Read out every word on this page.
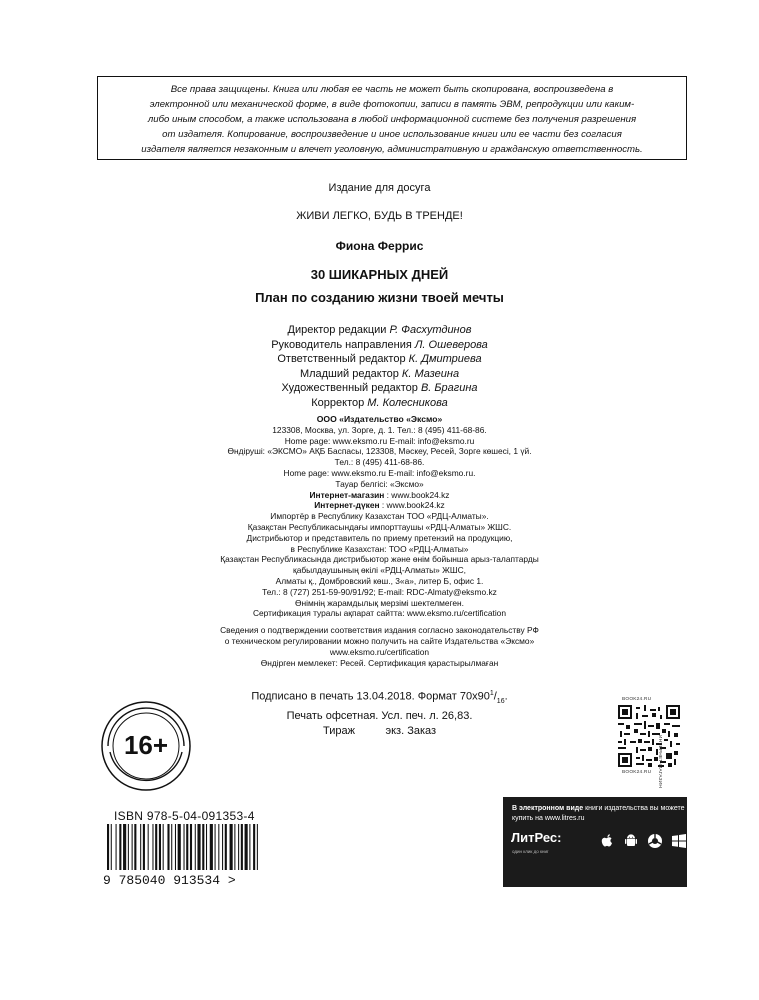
Все права защищены. Книга или любая ее часть не может быть скопирована, воспроизведена в
электронной или механической форме, в виде фотокопии, записи в память ЭВМ, репродукции или каким-
либо иным способом, а также использована в любой информационной системе без получения разрешения
от издателя. Копирование, воспроизведение и иное использование книги или ее части без согласия
издателя является незаконным и влечет уголовную, административную и гражданскую ответственность.
Издание для досуга
ЖИВИ ЛЕГКО, БУДЬ В ТРЕНДЕ!
Фиона Феррис
30 ШИКАРНЫХ ДНЕЙ
План по созданию жизни твоей мечты
Директор редакции Р. Фасхутдинов
Руководитель направления Л. Ошеверова
Ответственный редактор К. Дмитриева
Младший редактор К. Мазеина
Художественный редактор В. Брагина
Корректор М. Колесникова
ООО «Издательство «Эксмо»
123308, Москва, ул. Зорге, д. 1. Тел.: 8 (495) 411-68-86.
Home page: www.eksmo.ru E-mail: info@eksmo.ru
Өндіруші: «ЭКСМО» АҚБ Баспасы, 123308, Мәскеу, Ресей, Зорге көшесі, 1 үй.
Тел.: 8 (495) 411-68-86.
Home page: www.eksmo.ru E-mail: info@eksmo.ru.
Тауар белгісі: «Эксмо»
Интернет-магазин : www.book24.kz
Интернет-дүкен : www.book24.kz
Импортёр в Республику Казахстан ТОО «РДЦ-Алматы».
Қазақстан Республикасындағы импорттаушы «РДЦ-Алматы» ЖШС.
Дистрибьютор и представитель по приему претензий на продукцию,
в Республике Казахстан: ТОО «РДЦ-Алматы»
Қазақстан Республикасында дистрибьютор және өнім бойынша арыз-талаптарды
қабылдаушының өкілі «РДЦ-Алматы» ЖШС,
Алматы қ., Домбровский көш., 3«а», литер Б, офис 1.
Тел.: 8 (727) 251-59-90/91/92; E-mail: RDC-Almaty@eksmo.kz
Өнімнің жарамдылық мерзімі шектелмеген.
Сертификация туралы ақпарат сайтта: www.eksmo.ru/certification
Сведения о подтверждении соответствия издания согласно законодательству РФ
о техническом регулировании можно получить на сайте Издательства «Эксмо»
www.eksmo.ru/certification
Өндірген мемлекет: Ресей. Сертификация қарастырылмаған
Подписано в печать 13.04.2018. Формат $70x90^1/_{16}$.
Печать офсетная. Усл. печ. л. 26,83.
Тираж          экз. Заказ
16+
BOOK24.RU
BOOK24.RU ИНТЕРНЕТ-МАГАЗИН
ISBN 978-5-04-091353-4
9 785040 913534 >
В электронном виде книги издательства вы можете
купить на www.litres.ru
ЛитРес:
один клик до книг
